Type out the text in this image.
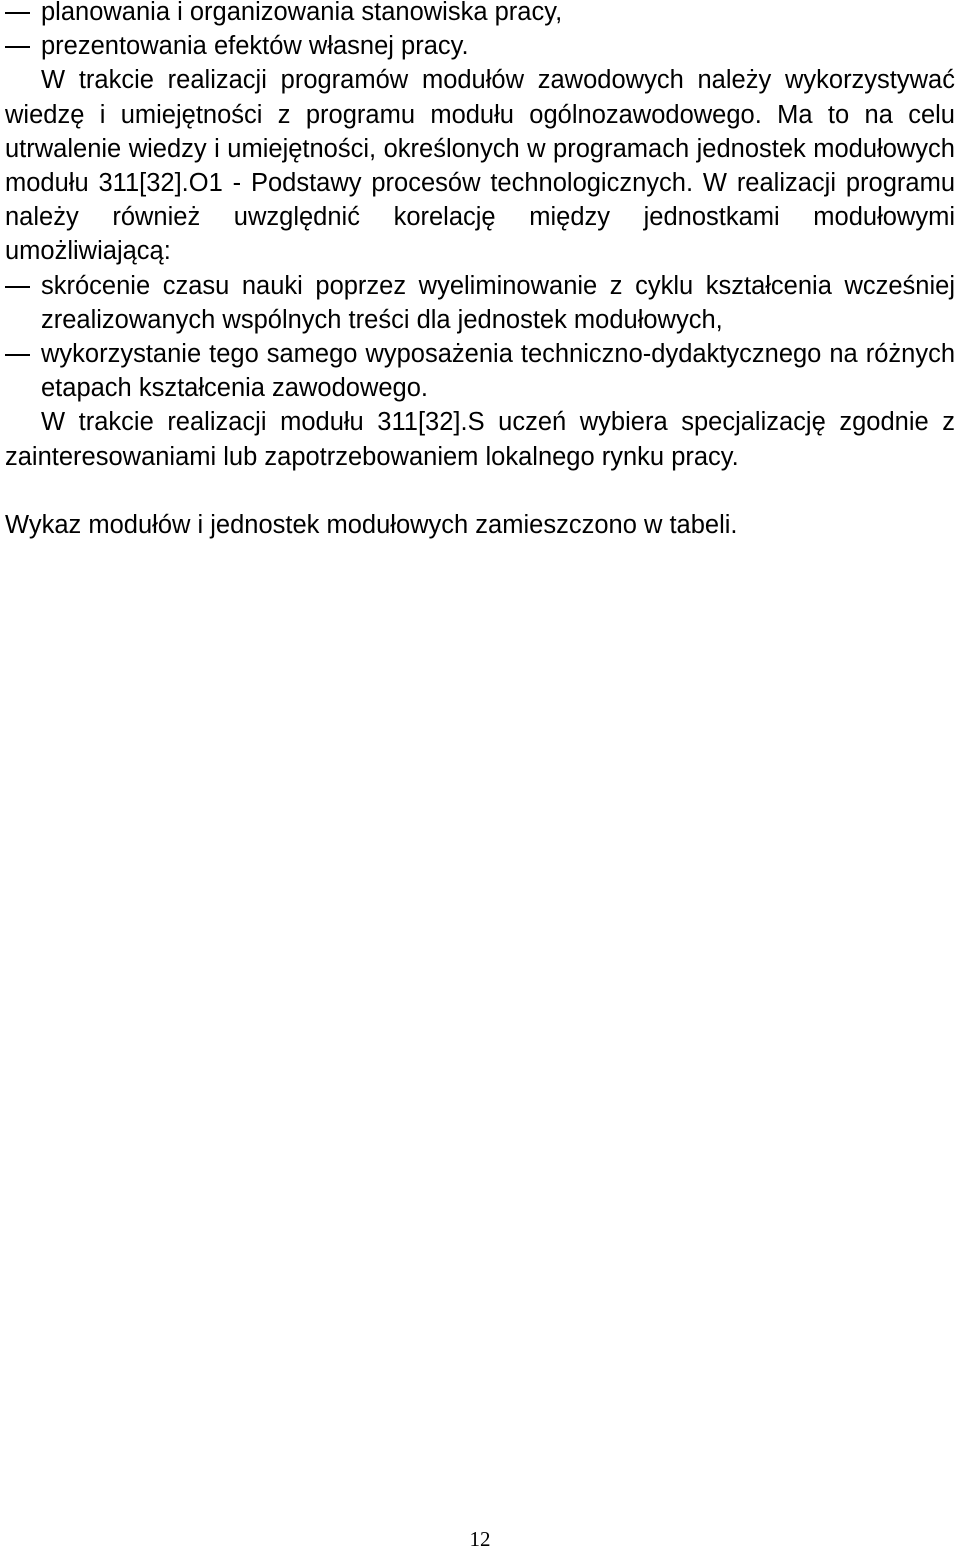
planowania i organizowania stanowiska pracy,
prezentowania efektów własnej pracy.
W trakcie realizacji programów modułów zawodowych należy wykorzystywać wiedzę i umiejętności z programu modułu ogólnozawodowego. Ma to na celu utrwalenie wiedzy i umiejętności, określonych w programach jednostek modułowych modułu 311[32].O1 - Podstawy procesów technologicznych. W realizacji programu należy również uwzględnić korelację między jednostkami modułowymi umożliwiającą:
skrócenie czasu nauki poprzez wyeliminowanie z cyklu kształcenia wcześniej zrealizowanych wspólnych treści dla jednostek modułowych,
wykorzystanie tego samego wyposażenia techniczno-dydaktycznego na różnych etapach kształcenia zawodowego.
W trakcie realizacji modułu 311[32].S uczeń wybiera specjalizację zgodnie z zainteresowaniami lub zapotrzebowaniem lokalnego rynku pracy.
Wykaz modułów i jednostek modułowych zamieszczono w tabeli.
12
